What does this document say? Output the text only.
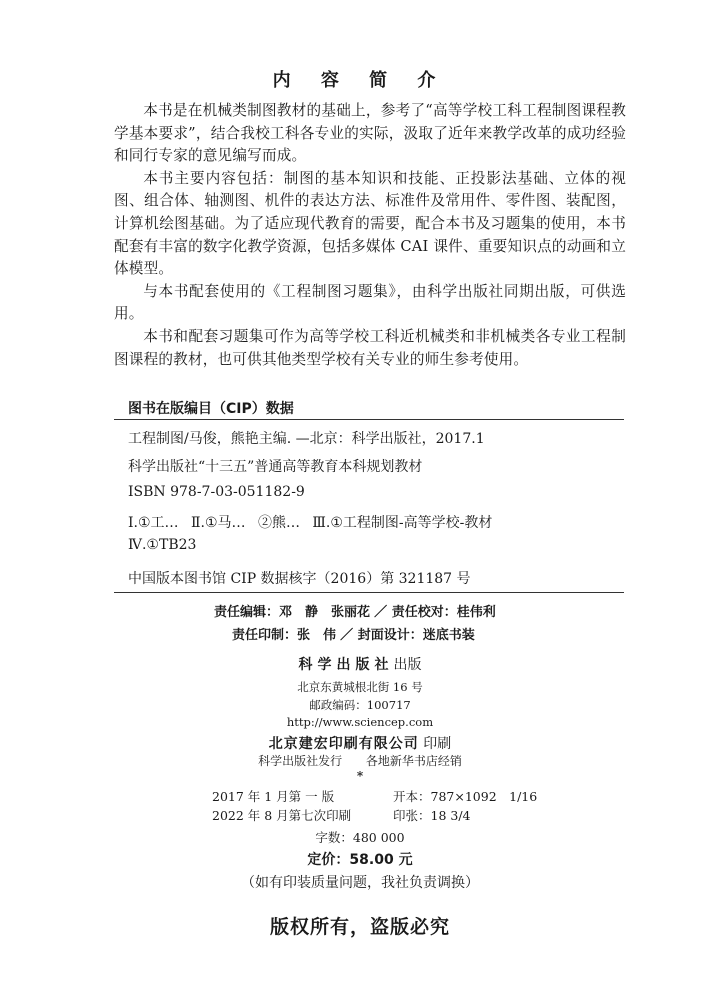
内 容 简 介

本书是在机械类制图教材的基础上，参考了“高等学校工科工程制图课程教学基本要求”，结合我校工科各专业的实际，汲取了近年来教学改革的成功经验和同行专家的意见编写而成。

本书主要内容包括：制图的基本知识和技能、正投影法基础、立体的视图、组合体、轴测图、机件的表达方法、标准件及常用件、零件图、装配图，计算机绘图基础。为了适应现代教育的需要，配合本书及习题集的使用，本书配套有丰富的数字化教学资源，包括多媒体 CAI 课件、重要知识点的动画和立体模型。

与本书配套使用的《工程制图习题集》，由科学出版社同期出版，可供选用。

本书和配套习题集可作为高等学校工科近机械类和非机械类各专业工程制图课程的教材，也可供其他类型学校有关专业的师生参考使用。

图书在版编目（CIP）数据
工程制图/马俊，熊艳主编. —北京：科学出版社，2017.1
科学出版社“十三五”普通高等教育本科规划教材
ISBN 978-7-03-051182-9
Ⅰ.①工… Ⅱ.①马… ②熊… Ⅲ.①工程制图-高等学校-教材
Ⅳ.①TB23
中国版本图书馆 CIP 数据核字（2016）第 321187 号
责任编辑：邓　静　张丽花 ／ 责任校对：桂伟利
责任印制：张　伟 ／ 封面设计：迷底书装
科学出版社出版
北京东黄城根北街 16 号
邮政编码：100717
http://www.sciencep.com
北京建宏印刷有限公司 印刷
科学出版社发行 各地新华书店经销
*
2017 年 1 月第 一 版
2022 年 8 月第七次印刷
开本：787×1092　1/16
印张：18 3/4
字数：480 000
定价：58.00 元
（如有印装质量问题，我社负责调换）
版权所有，盗版必究
